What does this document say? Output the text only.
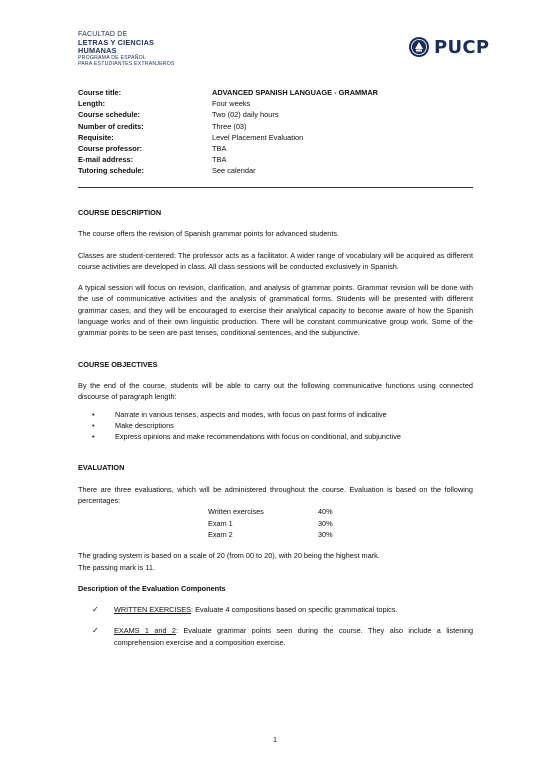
FACULTAD DE
LETRAS Y CIENCIAS
HUMANAS
PROGRAMA DE ESPAÑOL
PARA ESTUDIANTES EXTRANJEROS
PUCP
Course title:	ADVANCED SPANISH LANGUAGE - GRAMMAR
Length:	Four weeks
Course schedule:	Two (02) daily hours
Number of credits:	Three (03)
Requisite:	Level Placement Evaluation
Course professor:	TBA
E-mail address:	TBA
Tutoring schedule:	See calendar

COURSE DESCRIPTION

The course offers the revision of Spanish grammar points for advanced students.

Classes are student-centered: The professor acts as a facilitator. A wider range of vocabulary will be acquired as different course activities are developed in class. All class sessions will be conducted exclusively in Spanish.

A typical session will focus on revision, clarification, and analysis of grammar points. Grammar revision will be done with the use of communicative activities and the analysis of grammatical forms. Students will be presented with different grammar cases, and they will be encouraged to exercise their analytical capacity to become aware of how the Spanish language works and of their own linguistic production. There will be constant communicative group work. Some of the grammar points to be seen are past tenses, conditional sentences, and the subjunctive.

COURSE OBJECTIVES

By the end of the course, students will be able to carry out the following communicative functions using connected discourse of paragraph length:

•	Narrate in various tenses, aspects and modes, with focus on past forms of indicative
•	Make descriptions
•	Express opinions and make recommendations with focus on conditional, and subjunctive

EVALUATION

There are three evaluations, which will be administered throughout the course. Evaluation is based on the following percentages:

Written exercises	40%
Exam 1	30%
Exam 2	30%

The grading system is based on a scale of 20 (from 00 to 20), with 20 being the highest mark.

The passing mark is 11.

Description of the Evaluation Components

✓	WRITTEN EXERCISES: Evaluate 4 compositions based on specific grammatical topics.
✓	EXAMS 1 and 2: Evaluate grammar points seen during the course. They also include a listening comprehension exercise and a composition exercise.
1
